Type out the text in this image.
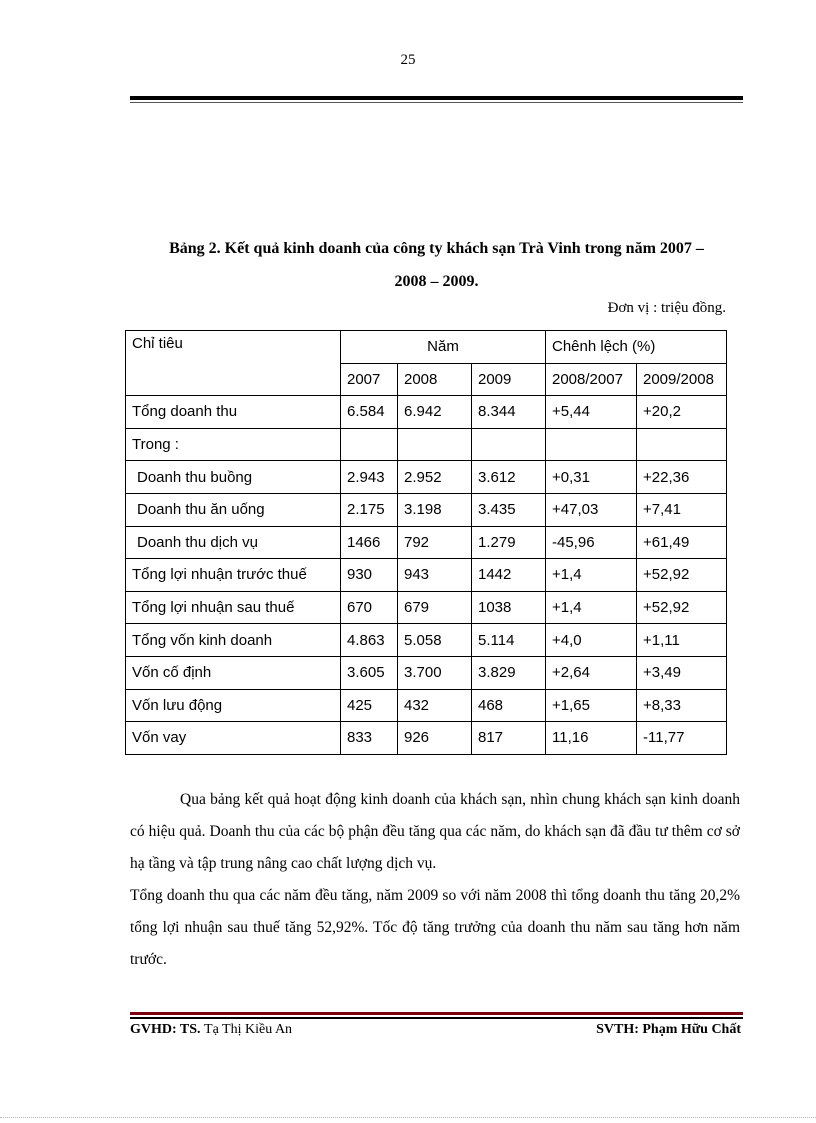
25
Bảng 2. Kết quả kinh doanh của công ty khách sạn Trà Vinh trong năm 2007 –
2008 – 2009.
Đơn vị : triệu đồng.
Chỉ tiêu	Năm			Chênh lệch (%)	
	2007	2008	2009	2008/2007	2009/2008
Tổng doanh thu	6.584	6.942	8.344	+5,44	+20,2
Trong :					
Doanh thu buồng	2.943	2.952	3.612	+0,31	+22,36
Doanh thu ăn uống	2.175	3.198	3.435	+47,03	+7,41
Doanh thu dịch vụ	1466	792	1.279	-45,96	+61,49
Tổng lợi nhuận trước thuế	930	943	1442	+1,4	+52,92
Tổng lợi nhuận sau thuế	670	679	1038	+1,4	+52,92
Tổng vốn kinh doanh	4.863	5.058	5.114	+4,0	+1,11
Vốn cố định	3.605	3.700	3.829	+2,64	+3,49
Vốn lưu động	425	432	468	+1,65	+8,33
Vốn vay	833	926	817	11,16	-11,77

Qua bảng kết quả hoạt động kinh doanh của khách sạn, nhìn chung khách sạn kinh doanh có hiệu quả. Doanh thu của các bộ phận đều tăng qua các năm, do khách sạn đã đầu tư thêm cơ sở hạ tầng và tập trung nâng cao chất lượng dịch vụ.

Tổng doanh thu qua các năm đều tăng, năm 2009 so với năm 2008 thì tổng doanh thu tăng 20,2% tổng lợi nhuận sau thuế tăng 52,92%. Tốc độ tăng trưởng của doanh thu năm sau tăng hơn năm trước.

GVHD: TS. Tạ Thị Kiều An	SVTH: Phạm Hữu Chất
